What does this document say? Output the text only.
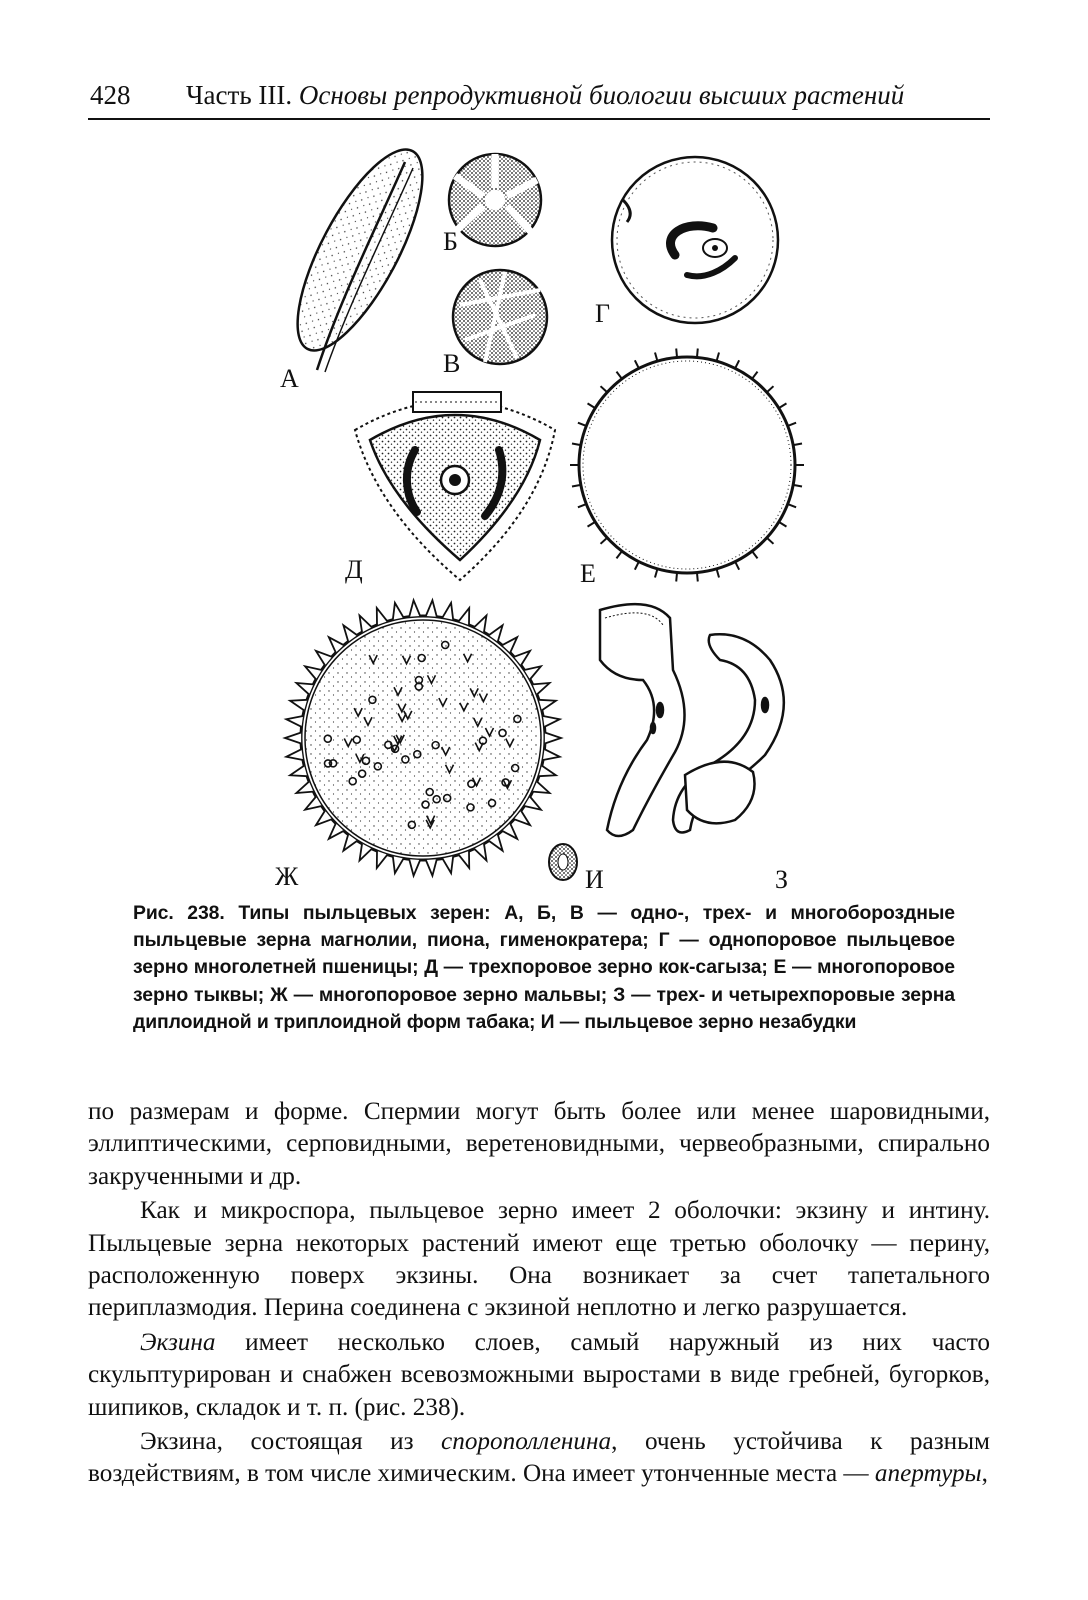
428 Часть III. Основы репродуктивной биологии высших растений
А
Б
В
Г
Д	Е
Ж	И	З
Рис. 238. Типы пыльцевых зерен: А, Б, В — одно-, трех- и многобороздные пыльцевые зерна магнолии, пиона, гименократера; Г — однопоровое пыльцевое зерно многолетней пшеницы; Д — трехпоровое зерно кок-сагыза; Е — многопоровое зерно тыквы; Ж — многопоровое зерно мальвы; З — трех- и четырехпоровые зерна диплоидной и триплоидной форм табака; И — пыльцевое зерно незабудки

по размерам и форме. Спермии могут быть более или менее шаровидными, эллиптическими, серповидными, веретеновидными, червеобразными, спирально закрученными и др.

Как и микроспора, пыльцевое зерно имеет 2 оболочки: экзину и интину. Пыльцевые зерна некоторых растений имеют еще третью оболочку — перину, расположенную поверх экзины. Она возникает за счет тапетального периплазмодия. Перина соединена с экзиной неплотно и легко разрушается.

Экзина имеет несколько слоев, самый наружный из них часто скульптурирован и снабжен всевозможными выростами в виде гребней, бугорков, шипиков, складок и т. п. (рис. 238).

Экзина, состоящая из спорополленина, очень устойчива к разным воздействиям, в том числе химическим. Она имеет утонченные места — апертуры,
